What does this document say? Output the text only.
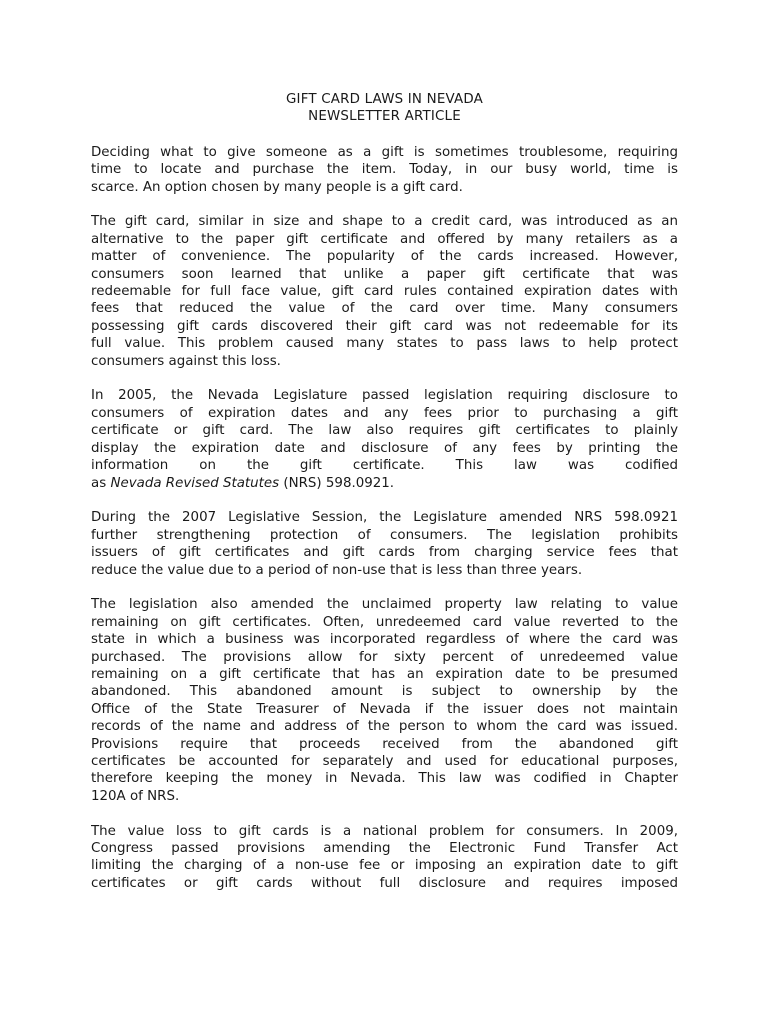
GIFT CARD LAWS IN NEVADA
NEWSLETTER ARTICLE
Deciding what to give someone as a gift is sometimes troublesome, requiring
time to locate and purchase the item. Today, in our busy world, time is
scarce. An option chosen by many people is a gift card.
The gift card, similar in size and shape to a credit card, was introduced as an
alternative to the paper gift certificate and offered by many retailers as a
matter of convenience. The popularity of the cards increased. However,
consumers soon learned that unlike a paper gift certificate that was
redeemable for full face value, gift card rules contained expiration dates with
fees that reduced the value of the card over time. Many consumers
possessing gift cards discovered their gift card was not redeemable for its
full value. This problem caused many states to pass laws to help protect
consumers against this loss.
In 2005, the Nevada Legislature passed legislation requiring disclosure to
consumers of expiration dates and any fees prior to purchasing a gift
certificate or gift card. The law also requires gift certificates to plainly
display the expiration date and disclosure of any fees by printing the
information on the gift certificate. This law was codified
as Nevada Revised Statutes (NRS) 598.0921.
During the 2007 Legislative Session, the Legislature amended NRS 598.0921
further strengthening protection of consumers. The legislation prohibits
issuers of gift certificates and gift cards from charging service fees that
reduce the value due to a period of non-use that is less than three years.
The legislation also amended the unclaimed property law relating to value
remaining on gift certificates. Often, unredeemed card value reverted to the
state in which a business was incorporated regardless of where the card was
purchased. The provisions allow for sixty percent of unredeemed value
remaining on a gift certificate that has an expiration date to be presumed
abandoned. This abandoned amount is subject to ownership by the
Office of the State Treasurer of Nevada if the issuer does not maintain
records of the name and address of the person to whom the card was issued.
Provisions require that proceeds received from the abandoned gift
certificates be accounted for separately and used for educational purposes,
therefore keeping the money in Nevada. This law was codified in Chapter
120A of NRS.
The value loss to gift cards is a national problem for consumers. In 2009,
Congress passed provisions amending the Electronic Fund Transfer Act
limiting the charging of a non-use fee or imposing an expiration date to gift
certificates or gift cards without full disclosure and requires imposed
